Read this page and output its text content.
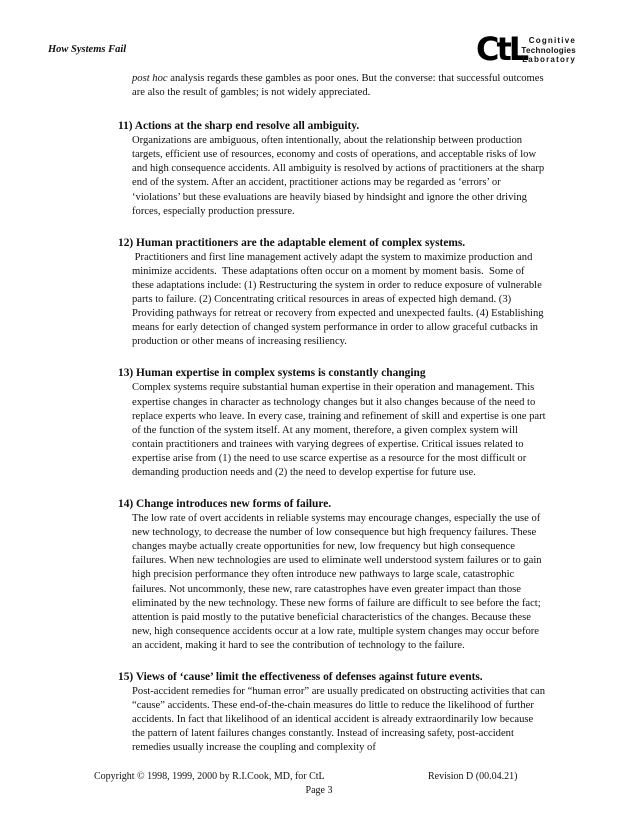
How Systems Fail	CtL Cognitive
Technologies
Laboratory

post hoc analysis regards these gambles as poor ones. But the converse: that successful outcomes are also the result of gambles; is not widely appreciated.

11) Actions at the sharp end resolve all ambiguity.

Organizations are ambiguous, often intentionally, about the relationship between production targets, efficient use of resources, economy and costs of operations, and acceptable risks of low and high consequence accidents. All ambiguity is resolved by actions of practitioners at the sharp end of the system. After an accident, practitioner actions may be regarded as ‘errors’ or ‘violations’ but these evaluations are heavily biased by hindsight and ignore the other driving forces, especially production pressure.

12) Human practitioners are the adaptable element of complex systems.

Practitioners and first line management actively adapt the system to maximize production and minimize accidents.  These adaptations often occur on a moment by moment basis.  Some of these adaptations include: (1) Restructuring the system in order to reduce exposure of vulnerable parts to failure. (2) Concentrating critical resources in areas of expected high demand. (3) Providing pathways for retreat or recovery from expected and unexpected faults. (4) Establishing means for early detection of changed system performance in order to allow graceful cutbacks in production or other means of increasing resiliency.

13) Human expertise in complex systems is constantly changing

Complex systems require substantial human expertise in their operation and management. This expertise changes in character as technology changes but it also changes because of the need to replace experts who leave. In every case, training and refinement of skill and expertise is one part of the function of the system itself. At any moment, therefore, a given complex system will contain practitioners and trainees with varying degrees of expertise. Critical issues related to expertise arise from (1) the need to use scarce expertise as a resource for the most difficult or demanding production needs and (2) the need to develop expertise for future use.

14) Change introduces new forms of failure.

The low rate of overt accidents in reliable systems may encourage changes, especially the use of new technology, to decrease the number of low consequence but high frequency failures. These changes maybe actually create opportunities for new, low frequency but high consequence failures. When new technologies are used to eliminate well understood system failures or to gain high precision performance they often introduce new pathways to large scale, catastrophic failures. Not uncommonly, these new, rare catastrophes have even greater impact than those eliminated by the new technology. These new forms of failure are difficult to see before the fact; attention is paid mostly to the putative beneficial characteristics of the changes. Because these new, high consequence accidents occur at a low rate, multiple system changes may occur before an accident, making it hard to see the contribution of technology to the failure.

15) Views of ‘cause’ limit the effectiveness of defenses against future events.

Post-accident remedies for “human error” are usually predicated on obstructing activities that can “cause” accidents. These end-of-the-chain measures do little to reduce the likelihood of further accidents. In fact that likelihood of an identical accident is already extraordinarily low because the pattern of latent failures changes constantly. Instead of increasing safety, post-accident remedies usually increase the coupling and complexity of

Copyright © 1998, 1999, 2000 by R.I.Cook, MD, for CtL	Revision D (00.04.21)
Page 3
